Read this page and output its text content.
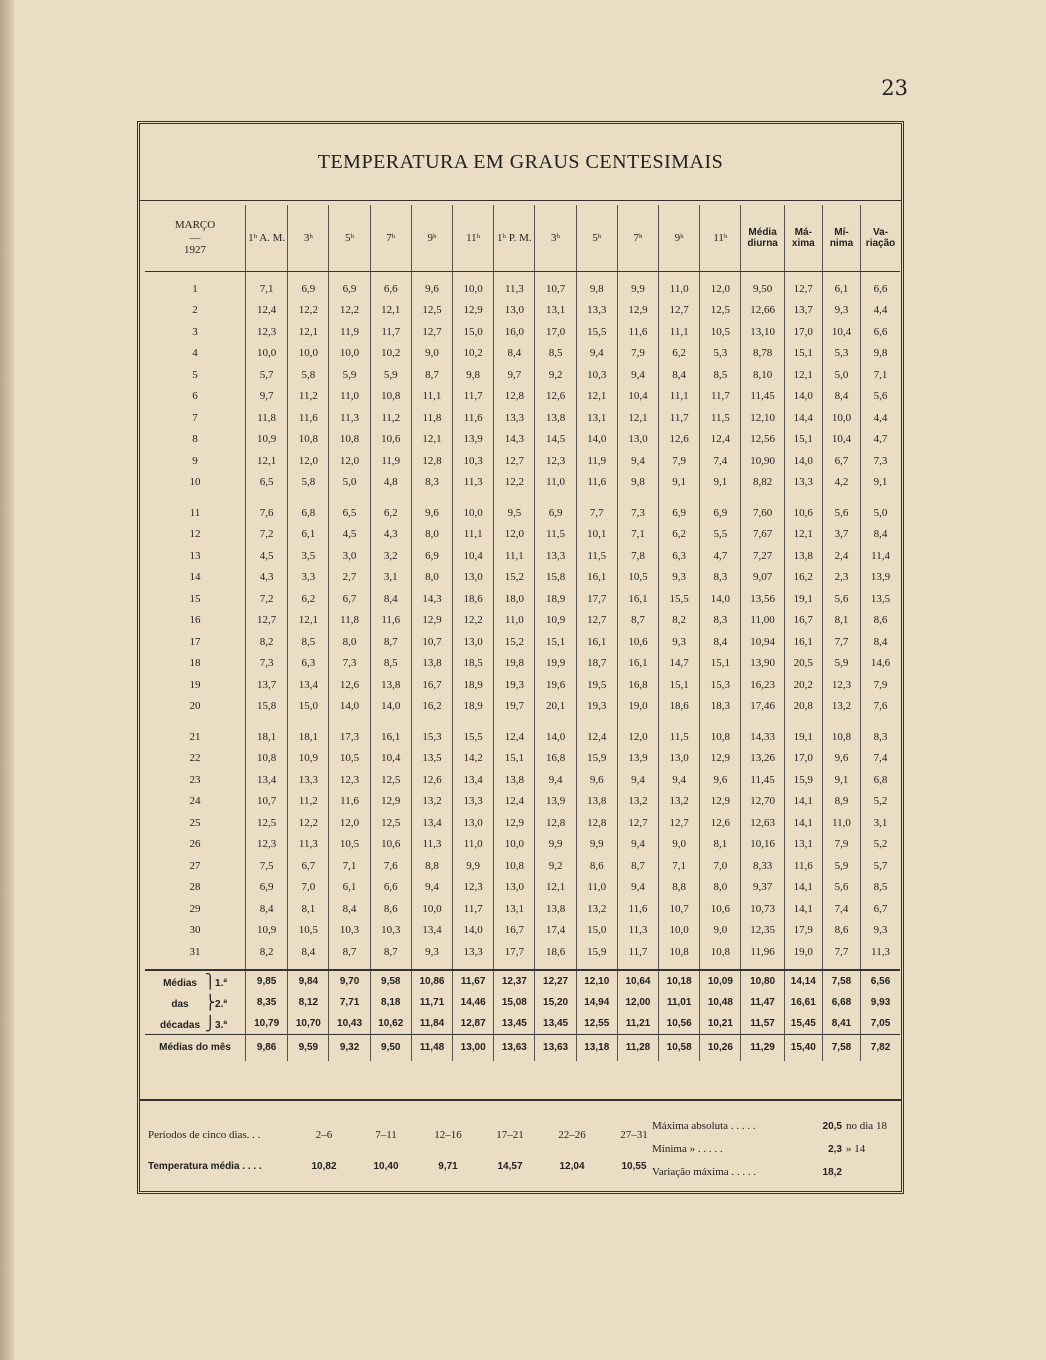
23
TEMPERATURA EM GRAUS CENTESIMAIS
MARÇO
—
1927	1ʰ A. M.	3ʰ	5ʰ	7ʰ	9ʰ	11ʰ	1ʰ P. M.	3ʰ	5ʰ	7ʰ	9ʰ	11ʰ	Média diurna	Má- xima	Mí- nima	Va- riação
1	7,1	6,9	6,9	6,6	9,6	10,0	11,3	10,7	9,8	9,9	11,0	12,0	9,50	12,7	6,1	6,6
2	12,4	12,2	12,2	12,1	12,5	12,9	13,0	13,1	13,3	12,9	12,7	12,5	12,66	13,7	9,3	4,4
3	12,3	12,1	11,9	11,7	12,7	15,0	16,0	17,0	15,5	11,6	11,1	10,5	13,10	17,0	10,4	6,6
4	10,0	10,0	10,0	10,2	9,0	10,2	8,4	8,5	9,4	7,9	6,2	5,3	8,78	15,1	5,3	9,8
5	5,7	5,8	5,9	5,9	8,7	9,8	9,7	9,2	10,3	9,4	8,4	8,5	8,10	12,1	5,0	7,1
6	9,7	11,2	11,0	10,8	11,1	11,7	12,8	12,6	12,1	10,4	11,1	11,7	11,45	14,0	8,4	5,6
7	11,8	11,6	11,3	11,2	11,8	11,6	13,3	13,8	13,1	12,1	11,7	11,5	12,10	14,4	10,0	4,4
8	10,9	10,8	10,8	10,6	12,1	13,9	14,3	14,5	14,0	13,0	12,6	12,4	12,56	15,1	10,4	4,7
9	12,1	12,0	12,0	11,9	12,8	10,3	12,7	12,3	11,9	9,4	7,9	7,4	10,90	14,0	6,7	7,3
10	6,5	5,8	5,0	4,8	8,3	11,3	12,2	11,0	11,6	9,8	9,1	9,1	8,82	13,3	4,2	9,1

11	7,6	6,8	6,5	6,2	9,6	10,0	9,5	6,9	7,7	7,3	6,9	6,9	7,60	10,6	5,6	5,0
12	7,2	6,1	4,5	4,3	8,0	11,1	12,0	11,5	10,1	7,1	6,2	5,5	7,67	12,1	3,7	8,4
13	4,5	3,5	3,0	3,2	6,9	10,4	11,1	13,3	11,5	7,8	6,3	4,7	7,27	13,8	2,4	11,4
14	4,3	3,3	2,7	3,1	8,0	13,0	15,2	15,8	16,1	10,5	9,3	8,3	9,07	16,2	2,3	13,9
15	7,2	6,2	6,7	8,4	14,3	18,6	18,0	18,9	17,7	16,1	15,5	14,0	13,56	19,1	5,6	13,5
16	12,7	12,1	11,8	11,6	12,9	12,2	11,0	10,9	12,7	8,7	8,2	8,3	11,00	16,7	8,1	8,6
17	8,2	8,5	8,0	8,7	10,7	13,0	15,2	15,1	16,1	10,6	9,3	8,4	10,94	16,1	7,7	8,4
18	7,3	6,3	7,3	8,5	13,8	18,5	19,8	19,9	18,7	16,1	14,7	15,1	13,90	20,5	5,9	14,6
19	13,7	13,4	12,6	13,8	16,7	18,9	19,3	19,6	19,5	16,8	15,1	15,3	16,23	20,2	12,3	7,9
20	15,8	15,0	14,0	14,0	16,2	18,9	19,7	20,1	19,3	19,0	18,6	18,3	17,46	20,8	13,2	7,6

21	18,1	18,1	17,3	16,1	15,3	15,5	12,4	14,0	12,4	12,0	11,5	10,8	14,33	19,1	10,8	8,3
22	10,8	10,9	10,5	10,4	13,5	14,2	15,1	16,8	15,9	13,9	13,0	12,9	13,26	17,0	9,6	7,4
23	13,4	13,3	12,3	12,5	12,6	13,4	13,8	9,4	9,6	9,4	9,4	9,6	11,45	15,9	9,1	6,8
24	10,7	11,2	11,6	12,9	13,2	13,3	12,4	13,9	13,8	13,2	13,2	12,9	12,70	14,1	8,9	5,2
25	12,5	12,2	12,0	12,5	13,4	13,0	12,9	12,8	12,8	12,7	12,7	12,6	12,63	14,1	11,0	3,1
26	12,3	11,3	10,5	10,6	11,3	11,0	10,0	9,9	9,9	9,4	9,0	8,1	10,16	13,1	7,9	5,2
27	7,5	6,7	7,1	7,6	8,8	9,9	10,8	9,2	8,6	8,7	7,1	7,0	8,33	11,6	5,9	5,7
28	6,9	7,0	6,1	6,6	9,4	12,3	13,0	12,1	11,0	9,4	8,8	8,0	9,37	14,1	5,6	8,5
29	8,4	8,1	8,4	8,6	10,0	11,7	13,1	13,8	13,2	11,6	10,7	10,6	10,73	14,1	7,4	6,7
30	10,9	10,5	10,3	10,3	13,4	14,0	16,7	17,4	15,0	11,3	10,0	9,0	12,35	17,9	8,6	9,3
31	8,2	8,4	8,7	8,7	9,3	13,3	17,7	18,6	15,9	11,7	10,8	10,8	11,96	19,0	7,7	11,3

Médias ⎫1.ª	9,85	9,84	9,70	9,58	10,86	11,67	12,37	12,27	12,10	10,64	10,18	10,09	10,80	14,14	7,58	6,56
das ⎬2.ª	8,35	8,12	7,71	8,18	11,71	14,46	15,08	15,20	14,94	12,00	11,01	10,48	11,47	16,61	6,68	9,93
décadas ⎭3.ª	10,79	10,70	10,43	10,62	11,84	12,87	13,45	13,45	12,55	11,21	10,56	10,21	11,57	15,45	8,41	7,05
Médias do mês	9,86	9,59	9,32	9,50	11,48	13,00	13,63	13,63	13,18	11,28	10,58	10,26	11,29	15,40	7,58	7,82
Períodos de cinco dias. . .	2–6	7–11	12–16	17–21	22–26	27–31
Temperatura média . . . .	10,82	10,40	9,71	14,57	12,04	10,55
Máxima absoluta . . . . .	20,5 no dia 18
Mínima » . . . . .	2,3 » 14
Variação máxima . . . . .	18,2
